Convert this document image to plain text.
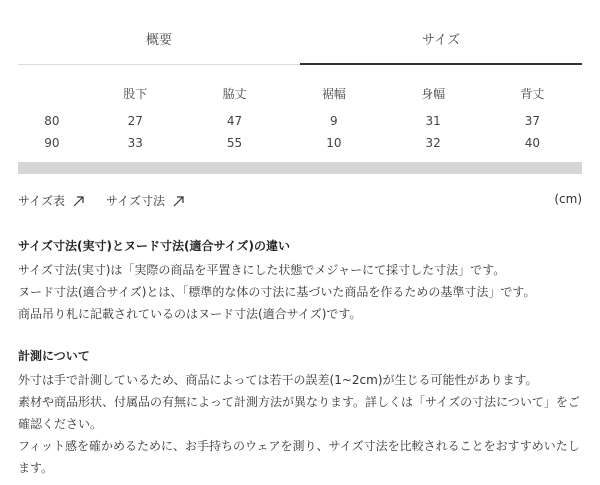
概要	サイズ
	股下	脇丈	裾幅	身幅	背丈
80	27	47	9	31	37
90	33	55	10	32	40
サイズ表	サイズ寸法	(cm)
サイズ寸法(実寸)とヌード寸法(適合サイズ)の違い

サイズ寸法(実寸)は「実際の商品を平置きにした状態でメジャーにて採寸した寸法」です。

ヌード寸法(適合サイズ)とは、「標準的な体の寸法に基づいた商品を作るための基準寸法」です。

商品吊り札に記載されているのはヌード寸法(適合サイズ)です。

計測について

外寸は手で計測しているため、商品によっては若干の誤差(1~2cm)が生じる可能性があります。

素材や商品形状、付属品の有無によって計測方法が異なります。詳しくは「サイズの寸法について」をご確認ください。

フィット感を確かめるために、お手持ちのウェアを測り、サイズ寸法を比較されることをおすすめいたします。
